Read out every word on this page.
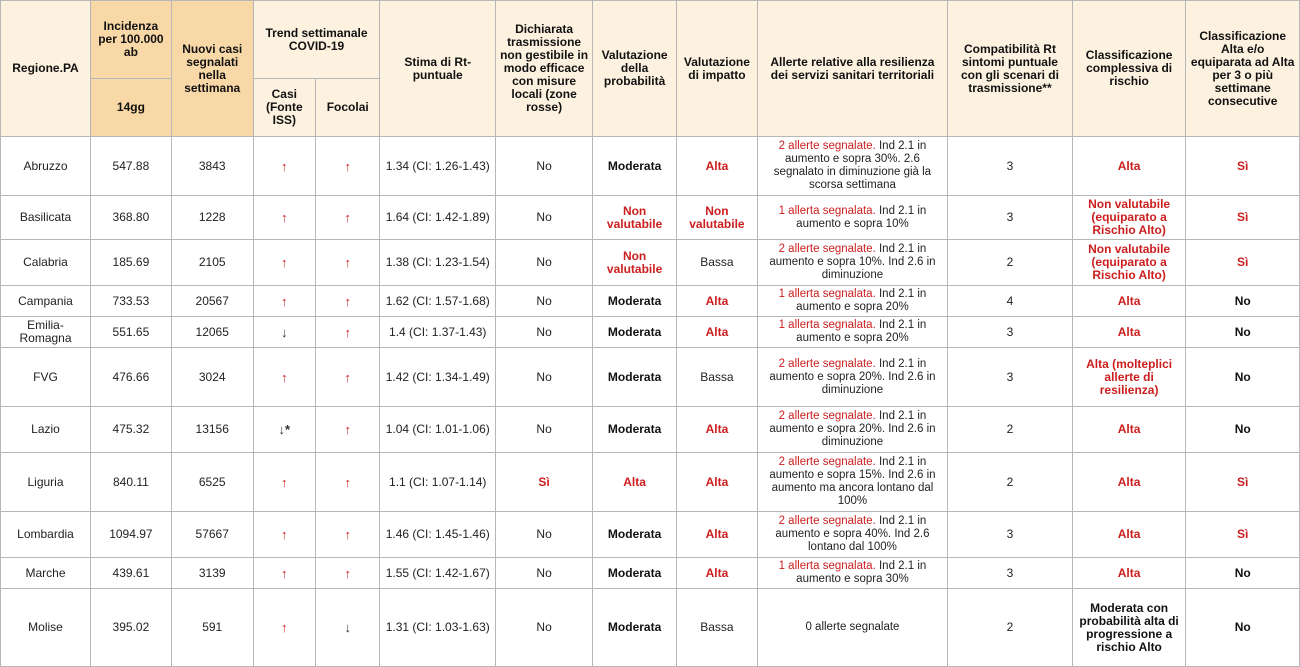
Regione.PA	Incidenza per 100.000 ab	Nuovi casi segnalati nella settimana	Trend settimanale COVID-19		Stima di Rt-puntuale	Dichiarata trasmissione non gestibile in modo efficace con misure locali (zone rosse)	Valutazione della probabilità	Valutazione di impatto	Allerte relative alla resilienza dei servizi sanitari territoriali	Compatibilità Rt sintomi puntuale con gli scenari di trasmissione**	Classificazione complessiva di rischio	Classificazione Alta e/o equiparata ad Alta per 3 o più settimane consecutive
	14gg		Casi (Fonte ISS)	Focolai								
Abruzzo	547.88	3843	↑	↑	1.34 (CI: 1.26-1.43)	No	Moderata	Alta	2 allerte segnalate. Ind 2.1 in aumento e sopra 30%. 2.6 segnalato in diminuzione già la scorsa settimana	3	Alta	Sì
Basilicata	368.80	1228	↑	↑	1.64 (CI: 1.42-1.89)	No	Non valutabile	Non valutabile	1 allerta segnalata. Ind 2.1 in aumento e sopra 10%	3	Non valutabile (equiparato a Rischio Alto)	Sì
Calabria	185.69	2105	↑	↑	1.38 (CI: 1.23-1.54)	No	Non valutabile	Bassa	2 allerte segnalate. Ind 2.1 in aumento e sopra 10%. Ind 2.6 in diminuzione	2	Non valutabile (equiparato a Rischio Alto)	Sì
Campania	733.53	20567	↑	↑	1.62 (CI: 1.57-1.68)	No	Moderata	Alta	1 allerta segnalata. Ind 2.1 in aumento e sopra 20%	4	Alta	No
Emilia-Romagna	551.65	12065	↓	↑	1.4 (CI: 1.37-1.43)	No	Moderata	Alta	1 allerta segnalata. Ind 2.1 in aumento e sopra 20%	3	Alta	No
FVG	476.66	3024	↑	↑	1.42 (CI: 1.34-1.49)	No	Moderata	Bassa	2 allerte segnalate. Ind 2.1 in aumento e sopra 20%. Ind 2.6 in diminuzione	3	Alta (molteplici allerte di resilienza)	No
Lazio	475.32	13156	↓*	↑	1.04 (CI: 1.01-1.06)	No	Moderata	Alta	2 allerte segnalate. Ind 2.1 in aumento e sopra 20%. Ind 2.6 in diminuzione	2	Alta	No
Liguria	840.11	6525	↑	↑	1.1 (CI: 1.07-1.14)	Sì	Alta	Alta	2 allerte segnalate. Ind 2.1 in aumento e sopra 15%. Ind 2.6 in aumento ma ancora lontano dal 100%	2	Alta	Sì
Lombardia	1094.97	57667	↑	↑	1.46 (CI: 1.45-1.46)	No	Moderata	Alta	2 allerte segnalate. Ind 2.1 in aumento e sopra 40%. Ind 2.6 lontano dal 100%	3	Alta	Sì
Marche	439.61	3139	↑	↑	1.55 (CI: 1.42-1.67)	No	Moderata	Alta	1 allerta segnalata. Ind 2.1 in aumento e sopra 30%	3	Alta	No
Molise	395.02	591	↑	↓	1.31 (CI: 1.03-1.63)	No	Moderata	Bassa	0 allerte segnalate	2	Moderata con probabilità alta di progressione a rischio Alto	No
